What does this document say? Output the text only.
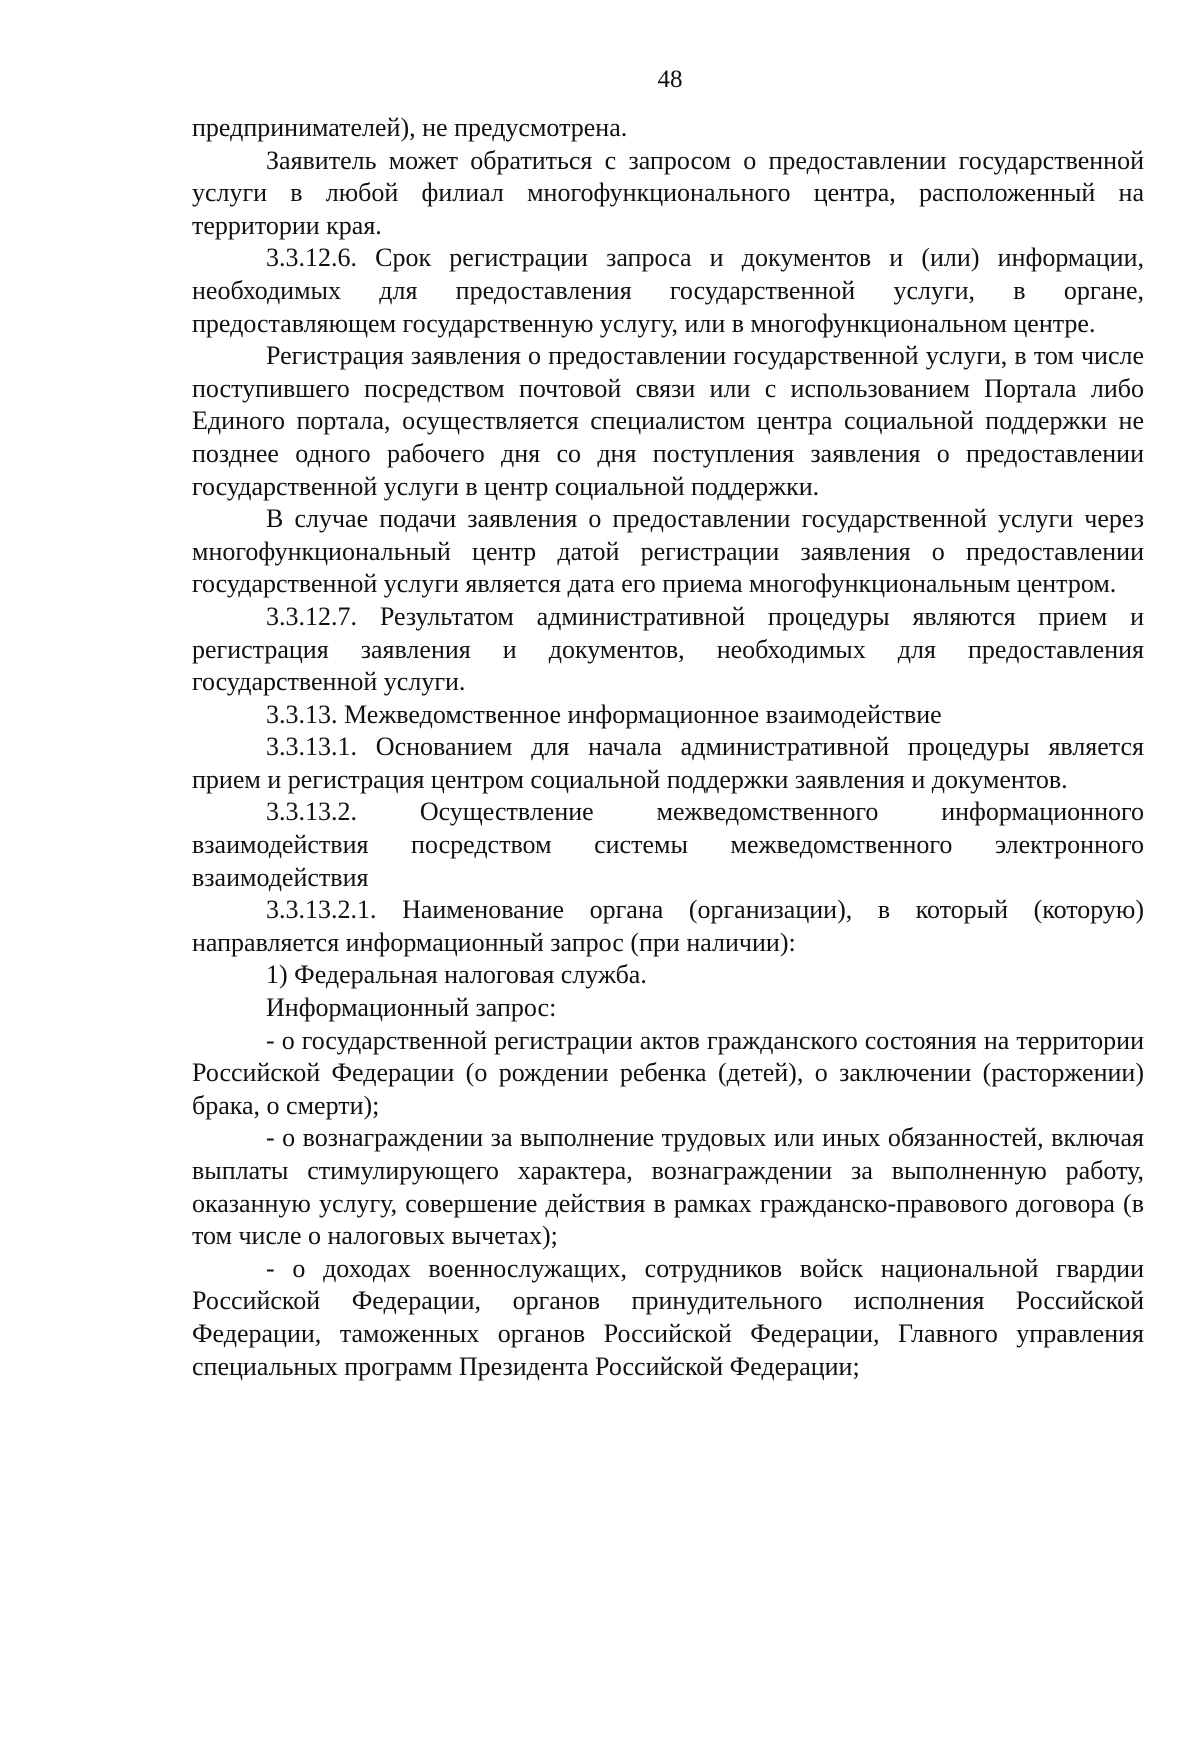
48

предпринимателей), не предусмотрена.

Заявитель может обратиться с запросом о предоставлении государственной услуги в любой филиал многофункционального центра, расположенный на территории края.

3.3.12.6. Срок регистрации запроса и документов и (или) информации, необходимых для предоставления государственной услуги, в органе, предоставляющем государственную услугу, или в многофункциональном центре.

Регистрация заявления о предоставлении государственной услуги, в том числе поступившего посредством почтовой связи или с использованием Портала либо Единого портала, осуществляется специалистом центра социальной поддержки не позднее одного рабочего дня со дня поступления заявления о предоставлении государственной услуги в центр социальной поддержки.

В случае подачи заявления о предоставлении государственной услуги через многофункциональный центр датой регистрации заявления о предоставлении государственной услуги является дата его приема многофункциональным центром.

3.3.12.7. Результатом административной процедуры являются прием и регистрация заявления и документов, необходимых для предоставления государственной услуги.

3.3.13. Межведомственное информационное взаимодействие

3.3.13.1. Основанием для начала административной процедуры является прием и регистрация центром социальной поддержки заявления и документов.

3.3.13.2. Осуществление межведомственного информационного взаимодействия посредством системы межведомственного электронного взаимодействия

3.3.13.2.1. Наименование органа (организации), в который (которую) направляется информационный запрос (при наличии):

1) Федеральная налоговая служба.

Информационный запрос:

- о государственной регистрации актов гражданского состояния на территории Российской Федерации (о рождении ребенка (детей), о заключении (расторжении) брака, о смерти);

- о вознаграждении за выполнение трудовых или иных обязанностей, включая выплаты стимулирующего характера, вознаграждении за выполненную работу, оказанную услугу, совершение действия в рамках гражданско-правового договора (в том числе о налоговых вычетах);

- о доходах военнослужащих, сотрудников войск национальной гвардии Российской Федерации, органов принудительного исполнения Российской Федерации, таможенных органов Российской Федерации, Главного управления специальных программ Президента Российской Федерации;
